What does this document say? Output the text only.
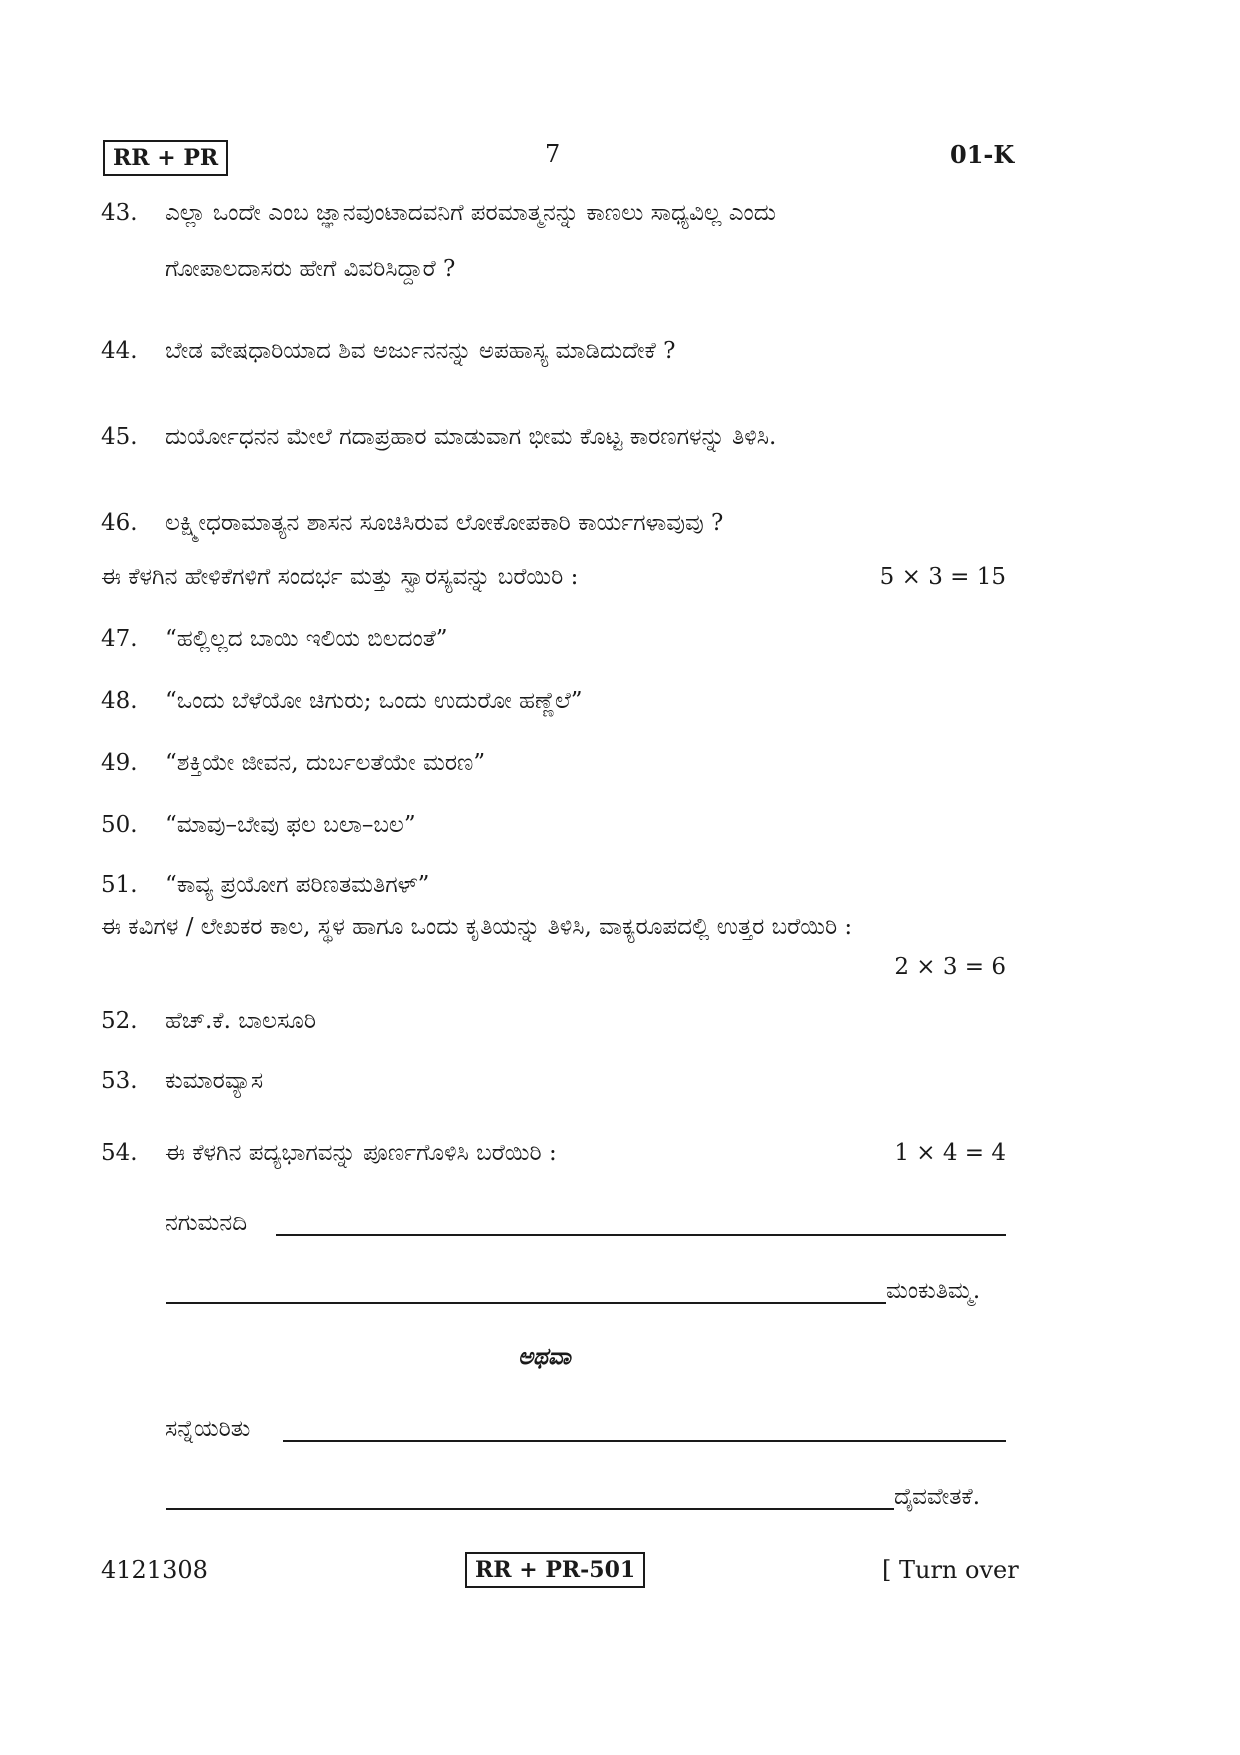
RR + PR	7	01-K
43.	ಎಲ್ಲಾ ಒಂದೇ ಎಂಬ ಜ್ಞಾನವುಂಟಾದವನಿಗೆ ಪರಮಾತ್ಮನನ್ನು ಕಾಣಲು ಸಾಧ್ಯವಿಲ್ಲ ಎಂದು
ಗೋಪಾಲದಾಸರು ಹೇಗೆ ವಿವರಿಸಿದ್ದಾರೆ ?
44.	ಬೇಡ ವೇಷಧಾರಿಯಾದ ಶಿವ ಅರ್ಜುನನನ್ನು ಅಪಹಾಸ್ಯ ಮಾಡಿದುದೇಕೆ ?
45.	ದುರ್ಯೋಧನನ ಮೇಲೆ ಗದಾಪ್ರಹಾರ ಮಾಡುವಾಗ ಭೀಮ ಕೊಟ್ಟ ಕಾರಣಗಳನ್ನು ತಿಳಿಸಿ.
46.	ಲಕ್ಷ್ಮೀಧರಾಮಾತ್ಯನ ಶಾಸನ ಸೂಚಿಸಿರುವ ಲೋಕೋಪಕಾರಿ ಕಾರ್ಯಗಳಾವುವು ?
ಈ ಕೆಳಗಿನ ಹೇಳಿಕೆಗಳಿಗೆ ಸಂದರ್ಭ ಮತ್ತು ಸ್ವಾರಸ್ಯವನ್ನು ಬರೆಯಿರಿ :	5 × 3 = 15
47.	“ಹಲ್ಲಿಲ್ಲದ ಬಾಯಿ ಇಲಿಯ ಬಿಲದಂತೆ”
48.	“ಒಂದು ಬೆಳೆಯೋ ಚಿಗುರು; ಒಂದು ಉದುರೋ ಹಣ್ಣೆಲೆ”
49.	“ಶಕ್ತಿಯೇ ಜೀವನ, ದುರ್ಬಲತೆಯೇ ಮರಣ”
50.	“ಮಾವು–ಬೇವು ಫಲ ಬಲಾ–ಬಲ”
51.	“ಕಾವ್ಯ ಪ್ರಯೋಗ ಪರಿಣತಮತಿಗಳ್”
ಈ ಕವಿಗಳ / ಲೇಖಕರ ಕಾಲ, ಸ್ಥಳ ಹಾಗೂ ಒಂದು ಕೃತಿಯನ್ನು ತಿಳಿಸಿ, ವಾಕ್ಯರೂಪದಲ್ಲಿ ಉತ್ತರ ಬರೆಯಿರಿ :
2 × 3 = 6
52.	ಹೆಚ್.ಕೆ. ಬಾಲಸೂರಿ
53.	ಕುಮಾರವ್ಯಾಸ
54.	ಈ ಕೆಳಗಿನ ಪದ್ಯಭಾಗವನ್ನು ಪೂರ್ಣಗೊಳಿಸಿ ಬರೆಯಿರಿ :	1 × 4 = 4
ನಗುಮನದಿ
ಮಂಕುತಿಮ್ಮ.
ಅಥವಾ
ಸನ್ನೆಯರಿತು
ದೈವವೇತಕೆ.
4121308	RR + PR-501	[ Turn over
